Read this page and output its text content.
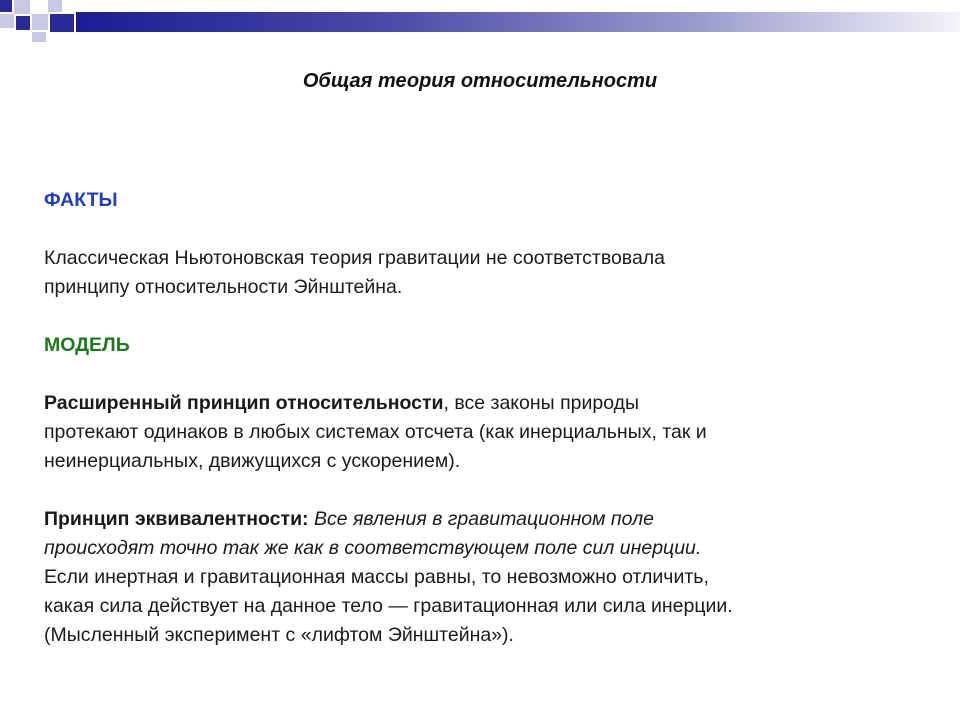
Общая теория относительности

ФАКТЫ

Классическая Ньютоновская теория гравитации не соответствовала

принципу относительности Эйнштейна.

МОДЕЛЬ

Расширенный принцип относительности, все законы природы

протекают одинаков в любых системах отсчета (как инерциальных, так и

неинерциальных, движущихся с ускорением).

Принцип эквивалентности: Все явления в гравитационном поле

происходят точно так же как в соответствующем поле сил инерции.

Если инертная и гравитационная массы равны, то невозможно отличить,

какая сила действует на данное тело — гравитационная или сила инерции.

(Мысленный эксперимент с «лифтом Эйнштейна»).
